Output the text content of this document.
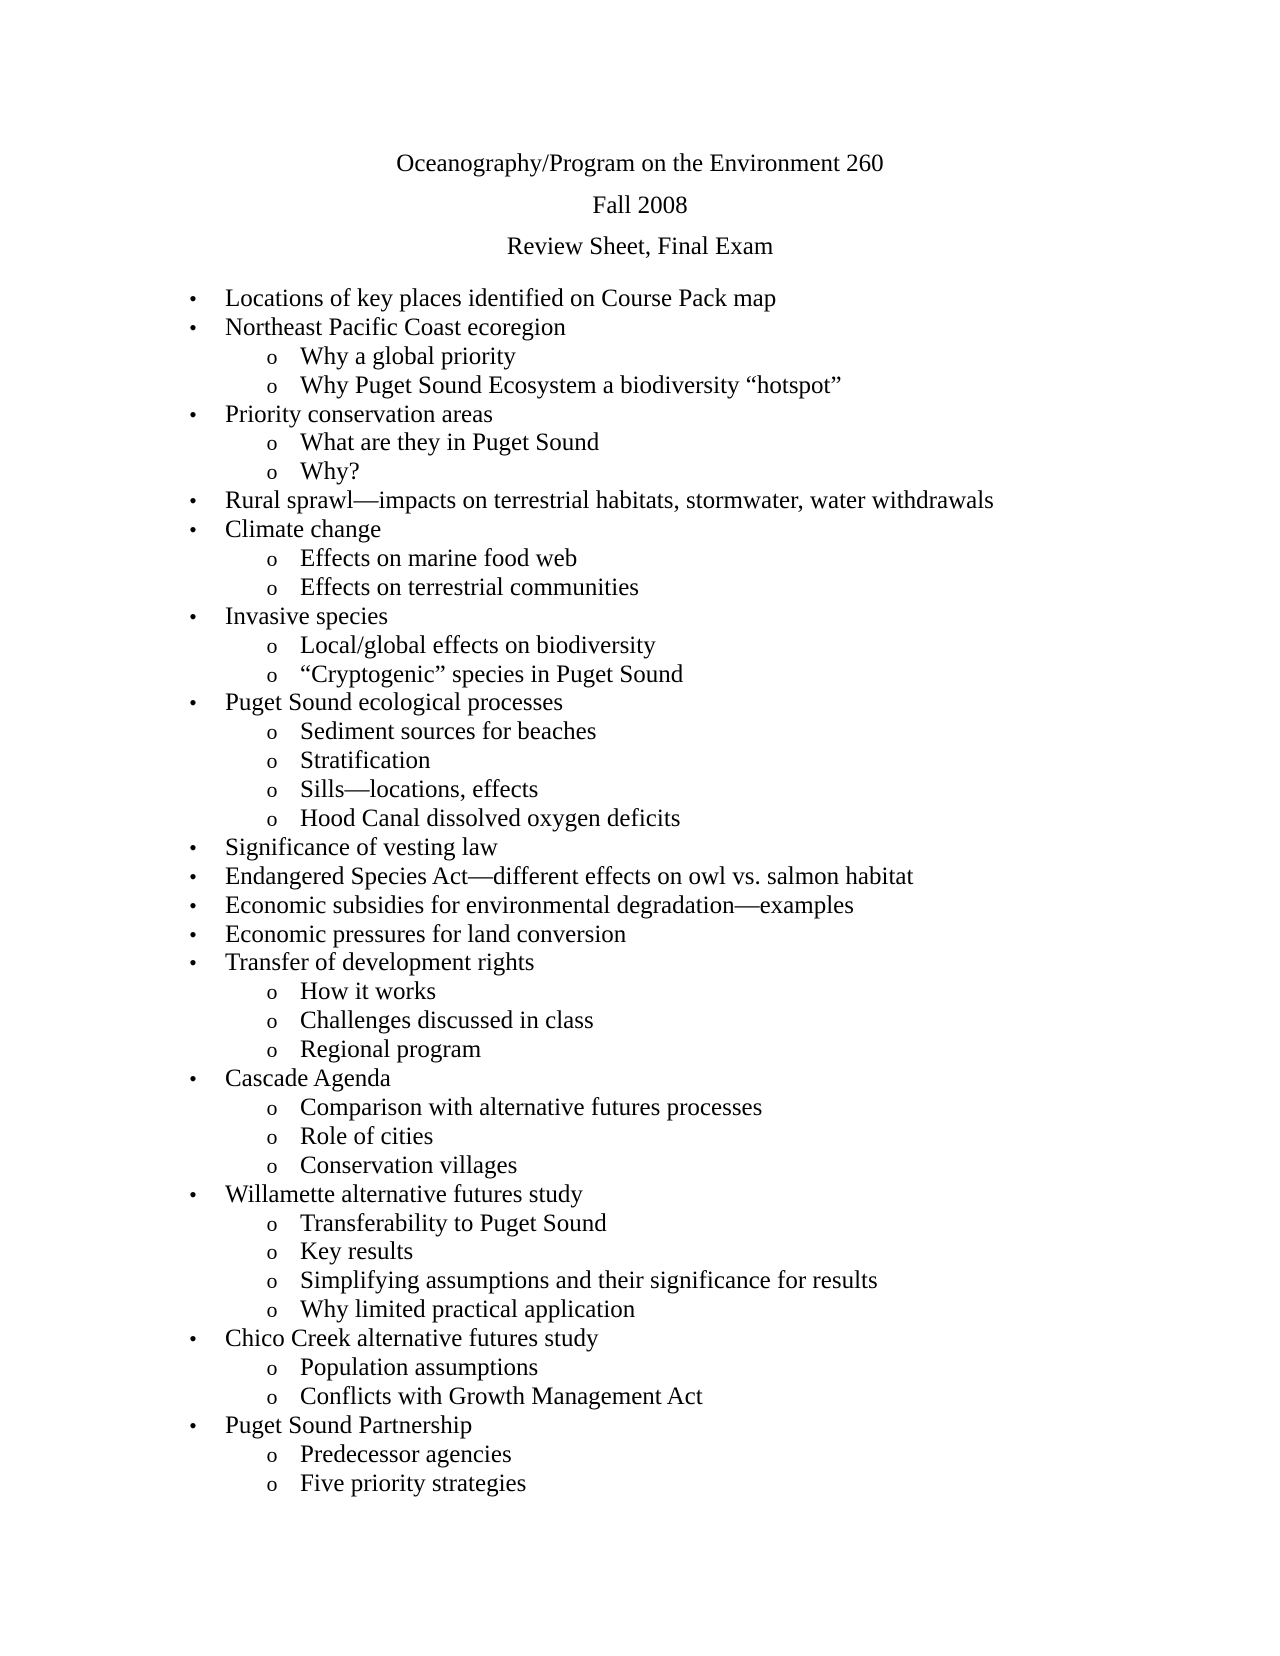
Oceanography/Program on the Environment 260
Fall 2008
Review Sheet, Final Exam
•	Locations of key places identified on Course Pack map
•	Northeast Pacific Coast ecoregion
o Why a global priority
o Why Puget Sound Ecosystem a biodiversity “hotspot”
•	Priority conservation areas
o What are they in Puget Sound
o Why?
•	Rural sprawl—impacts on terrestrial habitats, stormwater, water withdrawals
•	Climate change
o Effects on marine food web
o Effects on terrestrial communities
•	Invasive species
o Local/global effects on biodiversity
o “Cryptogenic” species in Puget Sound
•	Puget Sound ecological processes
o Sediment sources for beaches
o Stratification
o Sills—locations, effects
o Hood Canal dissolved oxygen deficits
•	Significance of vesting law
•	Endangered Species Act—different effects on owl vs. salmon habitat
•	Economic subsidies for environmental degradation—examples
•	Economic pressures for land conversion
•	Transfer of development rights
o How it works
o Challenges discussed in class
o Regional program
•	Cascade Agenda
o Comparison with alternative futures processes
o Role of cities
o Conservation villages
•	Willamette alternative futures study
o Transferability to Puget Sound
o Key results
o Simplifying assumptions and their significance for results
o Why limited practical application
•	Chico Creek alternative futures study
o Population assumptions
o Conflicts with Growth Management Act
•	Puget Sound Partnership
o Predecessor agencies
o Five priority strategies
